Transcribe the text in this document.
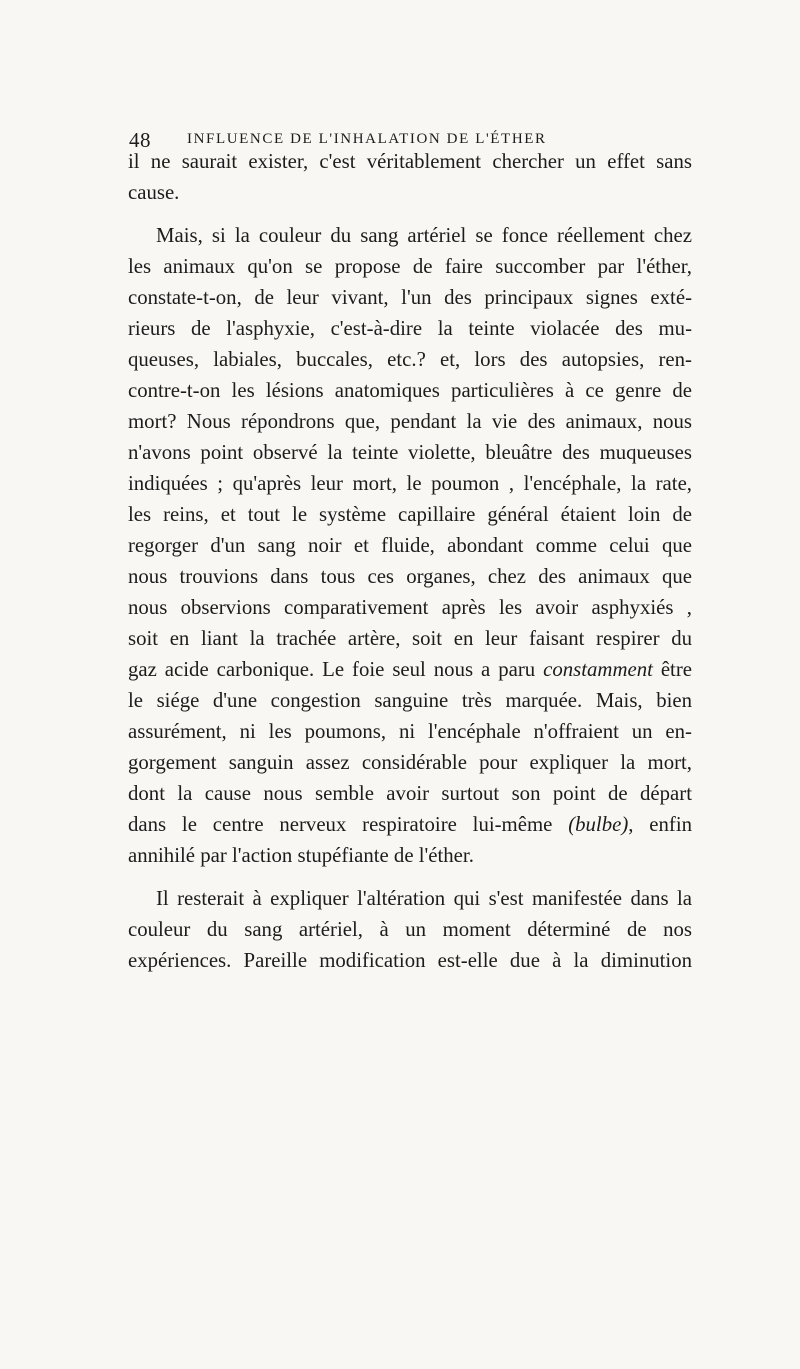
48 INFLUENCE DE L'INHALATION DE L'ÉTHER
il ne saurait exister, c'est véritablement chercher un effet sans
cause.
Mais, si la couleur du sang artériel se fonce réellement chez
les animaux qu'on se propose de faire succomber par l'éther,
constate-t-on, de leur vivant, l'un des principaux signes exté-
rieurs de l'asphyxie, c'est-à-dire la teinte violacée des mu-
queuses, labiales, buccales, etc.? et, lors des autopsies, ren-
contre-t-on les lésions anatomiques particulières à ce genre de
mort? Nous répondrons que, pendant la vie des animaux, nous
n'avons point observé la teinte violette, bleuâtre des muqueuses
indiquées ; qu'après leur mort, le poumon , l'encéphale, la rate,
les reins, et tout le système capillaire général étaient loin de
regorger d'un sang noir et fluide, abondant comme celui que
nous trouvions dans tous ces organes, chez des animaux que
nous observions comparativement après les avoir asphyxiés ,
soit en liant la trachée artère, soit en leur faisant respirer du
gaz acide carbonique. Le foie seul nous a paru constamment être
le siége d'une congestion sanguine très marquée. Mais, bien
assurément, ni les poumons, ni l'encéphale n'offraient un en-
gorgement sanguin assez considérable pour expliquer la mort,
dont la cause nous semble avoir surtout son point de départ
dans le centre nerveux respiratoire lui-même (bulbe), enfin
annihilé par l'action stupéfiante de l'éther.
Il resterait à expliquer l'altération qui s'est manifestée dans la
couleur du sang artériel, à un moment déterminé de nos
expériences. Pareille modification est-elle due à la diminution
